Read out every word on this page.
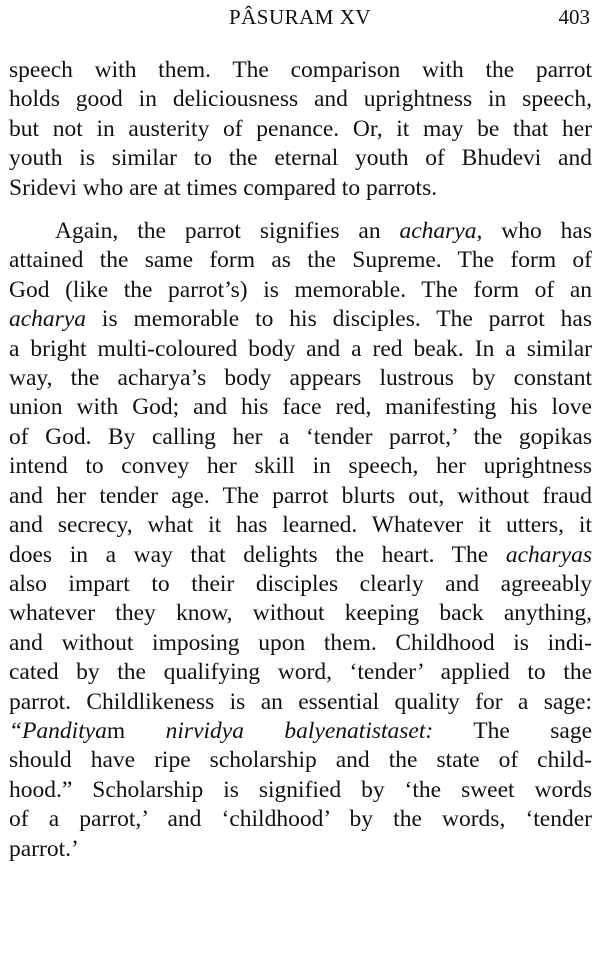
PÂSURAM XV	403
speech with them. The comparison with the parrot
holds good in deliciousness and uprightness in speech,
but not in austerity of penance. Or, it may be that her
youth is similar to the eternal youth of Bhudevi and
Sridevi who are at times compared to parrots.
Again, the parrot signifies an acharya, who has
attained the same form as the Supreme. The form of
God (like the parrot’s) is memorable. The form of an
acharya is memorable to his disciples. The parrot has
a bright multi-coloured body and a red beak. In a similar
way, the acharya’s body appears lustrous by constant
union with God; and his face red, manifesting his love
of God. By calling her a ‘tender parrot,’ the gopikas
intend to convey her skill in speech, her uprightness
and her tender age. The parrot blurts out, without fraud
and secrecy, what it has learned. Whatever it utters, it
does in a way that delights the heart. The acharyas
also impart to their disciples clearly and agreeably
whatever they know, without keeping back anything,
and without imposing upon them. Childhood is indi-
cated by the qualifying word, ‘tender’ applied to the
parrot. Childlikeness is an essential quality for a sage:
“Pandityam nirvidya balyenatistaset: The sage
should have ripe scholarship and the state of child-
hood.” Scholarship is signified by ‘the sweet words
of a parrot,’ and ‘childhood’ by the words, ‘tender
parrot.’
